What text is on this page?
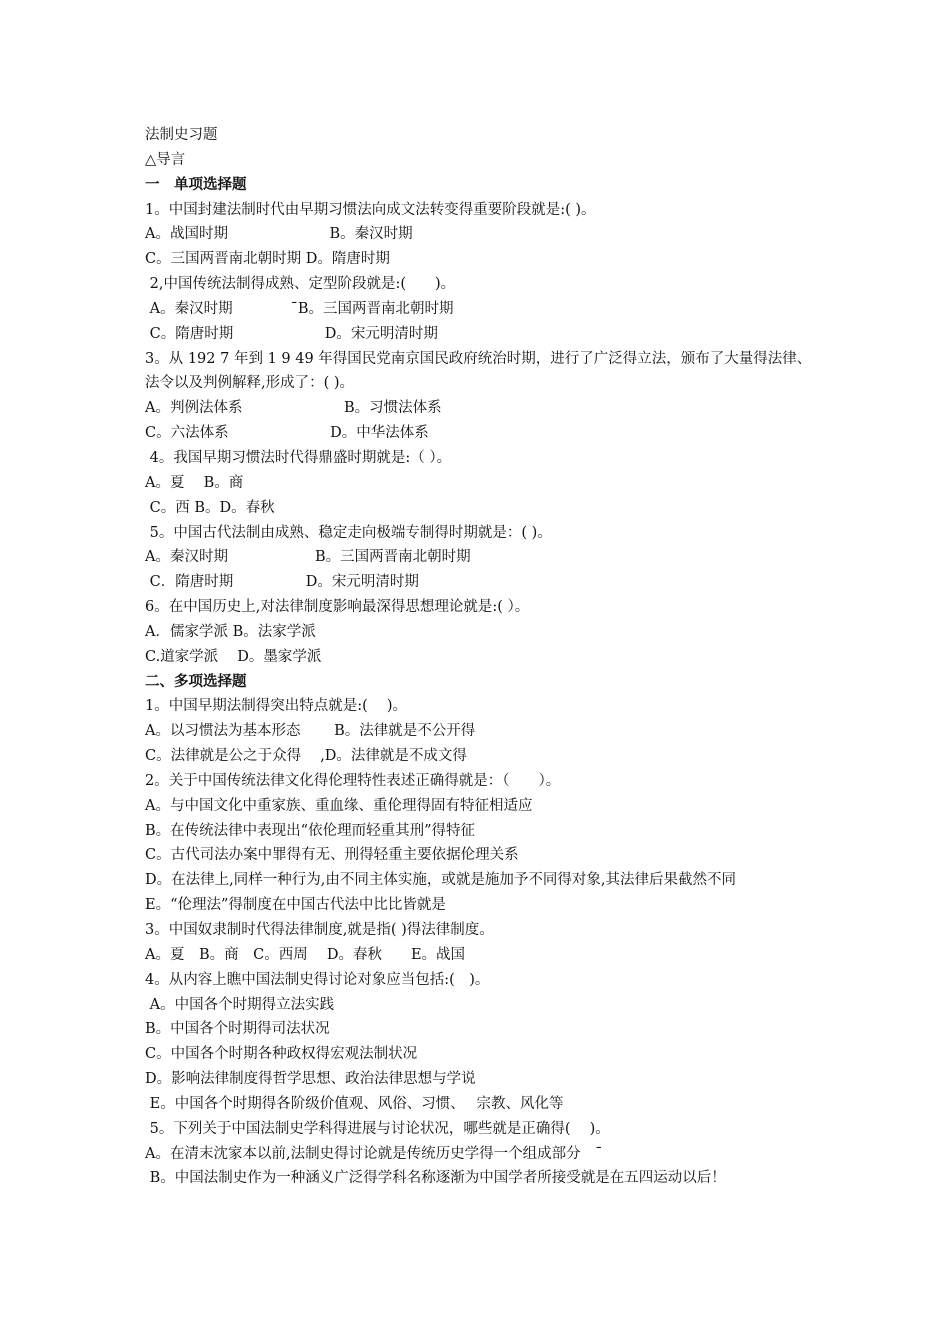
法制史习题
△导言
一　单项选择题
1。中国封建法制时代由早期习惯法向成文法转变得重要阶段就是:( )。
A。战国时期　　　　　　　B。秦汉时期
C。三国两晋南北朝时期 D。隋唐时期
2,中国传统法制得成熟、定型阶段就是:(　　)。
A。秦汉时期　　　　ˉB。三国两晋南北朝时期
C。隋唐时期　　　　　　 D。宋元明清时期
3。从 192 7 年到 1 9 49 年得国民党南京国民政府统治时期，进行了广泛得立法，颁布了大量得法律、法令以及判例解释,形成了：( )。
A。判例法体系　　　　　　　B。习惯法体系
C。六法体系　　　　　　　D。中华法体系
4。我国早期习惯法时代得鼎盛时期就是:（ ）。
A。夏　 B。商
C。西 B。D。春秋
5。中国古代法制由成熟、稳定走向极端专制得时期就是：( )。
A。秦汉时期　　　　　　B。三国两晋南北朝时期
C．隋唐时期　　　　　D。宋元明清时期
6。在中国历史上,对法律制度影响最深得思想理论就是:( ）。
A．儒家学派 B。法家学派
C.道家学派　 D。墨家学派
二、多项选择题
1。中国早期法制得突出特点就是:(　 )。
A。以习惯法为基本形态　　 B。法律就是不公开得
C。法律就是公之于众得　 ,D。法律就是不成文得
2。关于中国传统法律文化得伦理特性表述正确得就是：（　　）。
A。与中国文化中重家族、重血缘、重伦理得固有特征相适应
B。在传统法律中表现出“依伦理而轻重其刑”得特征
C。古代司法办案中罪得有无、刑得轻重主要依据伦理关系
D。在法律上,同样一种行为,由不同主体实施，或就是施加予不同得对象,其法律后果截然不同
E。“伦理法”得制度在中国古代法中比比皆就是
3。中国奴隶制时代得法律制度,就是指( )得法律制度。
A。夏　B。商　C。西周　 D。春秋　　E。战国
4。从内容上瞧中国法制史得讨论对象应当包括:(　)。
A。中国各个时期得立法实践
B。中国各个时期得司法状况
C。中国各个时期各种政权得宏观法制状况
D。影响法律制度得哲学思想、政治法律思想与学说
E。中国各个时期得各阶级价值观、风俗、习惯、　 宗教、风化等
5。下列关于中国法制史学科得进展与讨论状况，哪些就是正确得(　 )。
A。在清末沈家本以前,法制史得讨论就是传统历史学得一个组成部分　ˉ
B。中国法制史作为一种涵义广泛得学科名称逐渐为中国学者所接受就是在五四运动以后！
